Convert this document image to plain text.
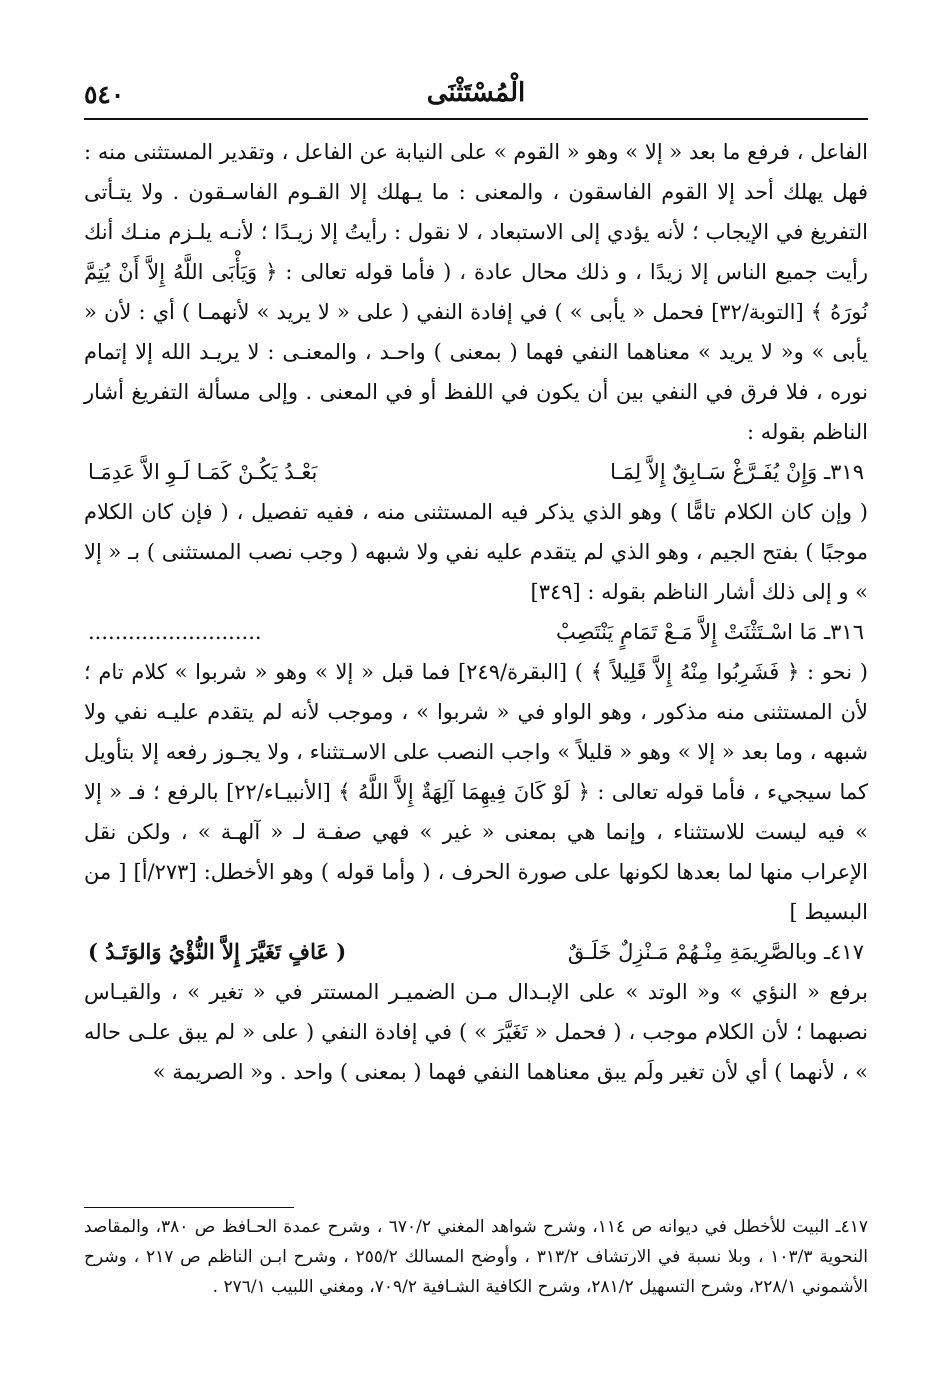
الْمُسْتَثْنَى
٥٤٠

الفاعل ، فرفع ما بعد « إلا » وهو « القوم » على النيابة عن الفاعل ، وتقدير المستثنى منه : فهل يهلك أحد إلا القوم الفاسقون ، والمعنى : ما يـهلك إلا القـوم الفاسـقون . ولا يتـأتى التفريغ في الإيجاب ؛ لأنه يؤدي إلى الاستبعاد ، لا نقول : رأيتُ إلا زيـدًا ؛ لأنـه يلـزم منـك أنك رأيت جميع الناس إلا زيدًا ، و ذلك محال عادة ، ( فأما قوله تعالى : ﴿ وَيَأْبَى اللَّهُ إِلاَّ أَنْ يُتِمَّ نُورَهُ ﴾ [التوبة/٣٢] فحمل « يأبى » ) في إفادة النفي ( على « لا يريد » لأنهمـا ) أي : لأن « يأبى » و« لا يريد » معناهما النفي فهما ( بمعنى ) واحـد ، والمعنـى : لا يريـد الله إلا إتمام نوره ، فلا فرق في النفي بين أن يكون في اللفظ أو في المعنى . وإلى مسألة التفريغ أشار الناظم بقوله :

٣١٩ـ وَإِنْ يُفَـرَّغْ سَـابِقٌ إِلاَّ لِمَـا
بَعْـدُ يَكُـنْ كَمَـا لَـوِ الاَّ عَدِمَـا

( وإن كان الكلام تامًّا ) وهو الذي يذكر فيه المستثنى منه ، ففيه تفصيل ، ( فإن كان الكلام موجبًا ) بفتح الجيم ، وهو الذي لم يتقدم عليه نفي ولا شبهه ( وجب نصب المستثنى ) بـ « إلا » و إلى ذلك أشار الناظم بقوله : [٣٤٩]

٣١٦ـ مَا اسْـتَثْنَتْ إِلاَّ مَـعْ تَمَامٍ يَنْتَصِبْ
..........................

( نحو : ﴿ فَشَرِبُوا مِنْهُ إِلاَّ قَلِيلاً ﴾ ) [البقرة/٢٤٩] فما قبل « إلا » وهو « شربوا » كلام تام ؛ لأن المستثنى منه مذكور ، وهو الواو في « شربوا » ، وموجب لأنه لم يتقدم عليـه نفي ولا شبهه ، وما بعد « إلا » وهو « قليلاً » واجب النصب على الاسـتثناء ، ولا يجـوز رفعه إلا بتأويل كما سيجيء ، فأما قوله تعالى : ﴿ لَوْ كَانَ فِيهِمَا آلِهَةٌ إِلاَّ اللَّهُ ﴾ [الأنبيـاء/٢٢] بالرفع ؛ فـ « إلا » فيه ليست للاستثناء ، وإنما هي بمعنى « غير » فهي صفـة لـ « آلهـة » ، ولكن نقل الإعراب منها لما بعدها لكونها على صورة الحرف ، ( وأما قوله ) وهو الأخطل: [٢٧٣/أ] [ من البسيط ]

٤١٧ـ وبالصَّرِيمَةِ مِنْـهُمْ مَـنْزِلٌ خَلَـقٌ
( عَافٍ تَغَيَّرَ إِلاَّ النُّؤْيُ وَالوَتَـدُ )

برفع « النؤي » و« الوتد » على الإبـدال مـن الضميـر المستتر في « تغير » ، والقيـاس نصبهما ؛ لأن الكلام موجب ، ( فحمل « تَغَيَّرَ » ) في إفادة النفي ( على « لم يبق علـى حاله » ، لأنهما ) أي لأن تغير ولَم يبق معناهما النفي فهما ( بمعنى ) واحد . و« الصريمة »

٤١٧ـ البيت للأخطل في ديوانه ص ١١٤، وشرح شواهد المغني ٦٧٠/٢ ، وشرح عمدة الحـافظ ص ٣٨٠، والمقاصد النحوية ١٠٣/٣ ، وبلا نسبة في الارتشاف ٣١٣/٢ ، وأوضح المسالك ٢٥٥/٢ ، وشرح ابـن الناظم ص ٢١٧ ، وشرح الأشموني ٢٢٨/١، وشرح التسهيل ٢٨١/٢، وشرح الكافية الشـافية ٧٠٩/٢، ومغني اللبيب ٢٧٦/١ .
